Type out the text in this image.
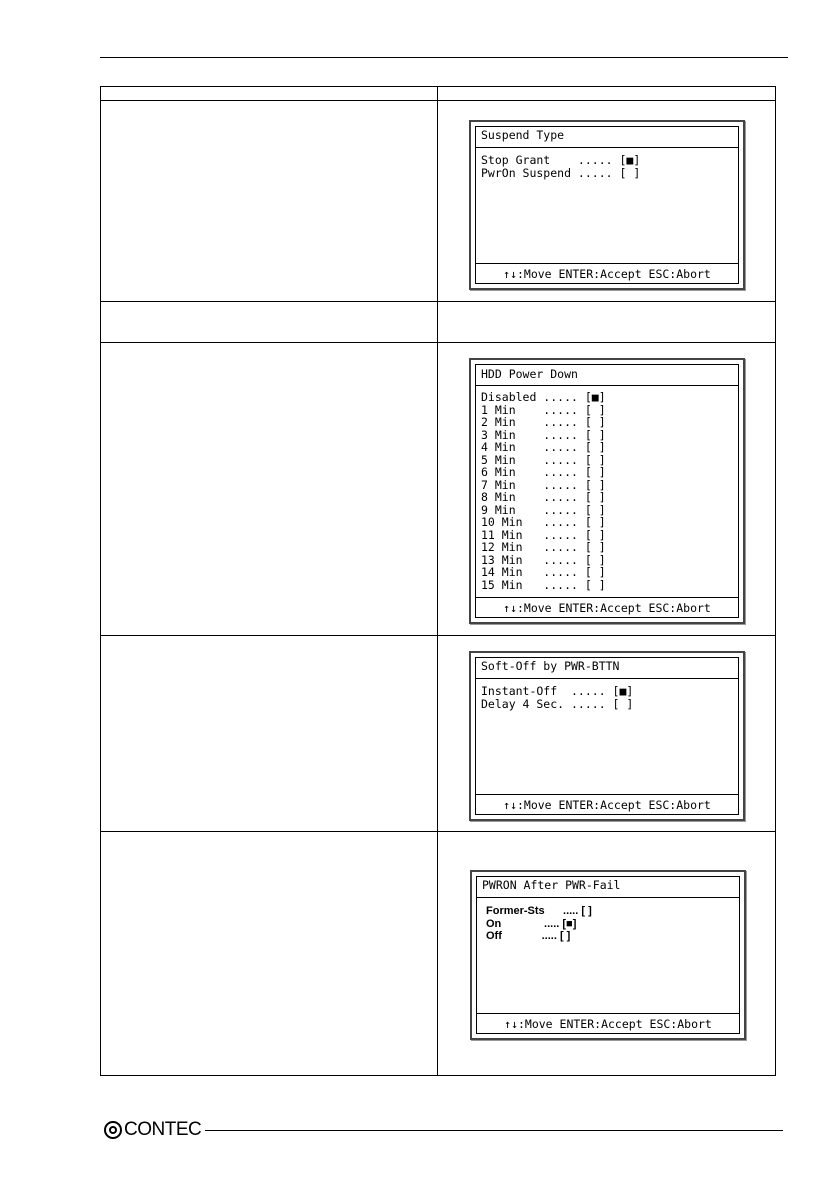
Suspend Type
Stop Grant    ..... [■]
PwrOn Suspend ..... [ ]
↑↓:Move ENTER:Accept ESC:Abort
HDD Power Down
Disabled ..... [■]
1 Min    ..... [ ]
2 Min    ..... [ ]
3 Min    ..... [ ]
4 Min    ..... [ ]
5 Min    ..... [ ]
6 Min    ..... [ ]
7 Min    ..... [ ]
8 Min    ..... [ ]
9 Min    ..... [ ]
10 Min   ..... [ ]
11 Min   ..... [ ]
12 Min   ..... [ ]
13 Min   ..... [ ]
14 Min   ..... [ ]
15 Min   ..... [ ]
↑↓:Move ENTER:Accept ESC:Abort
Soft-Off by PWR-BTTN
Instant-Off  ..... [■]
Delay 4 Sec. ..... [ ]
↑↓:Move ENTER:Accept ESC:Abort
PWRON After PWR-Fail
Former-Sts      ..... [ ]
On              ..... [■]
Off             ..... [ ]
↑↓:Move ENTER:Accept ESC:Abort
CONTEC
